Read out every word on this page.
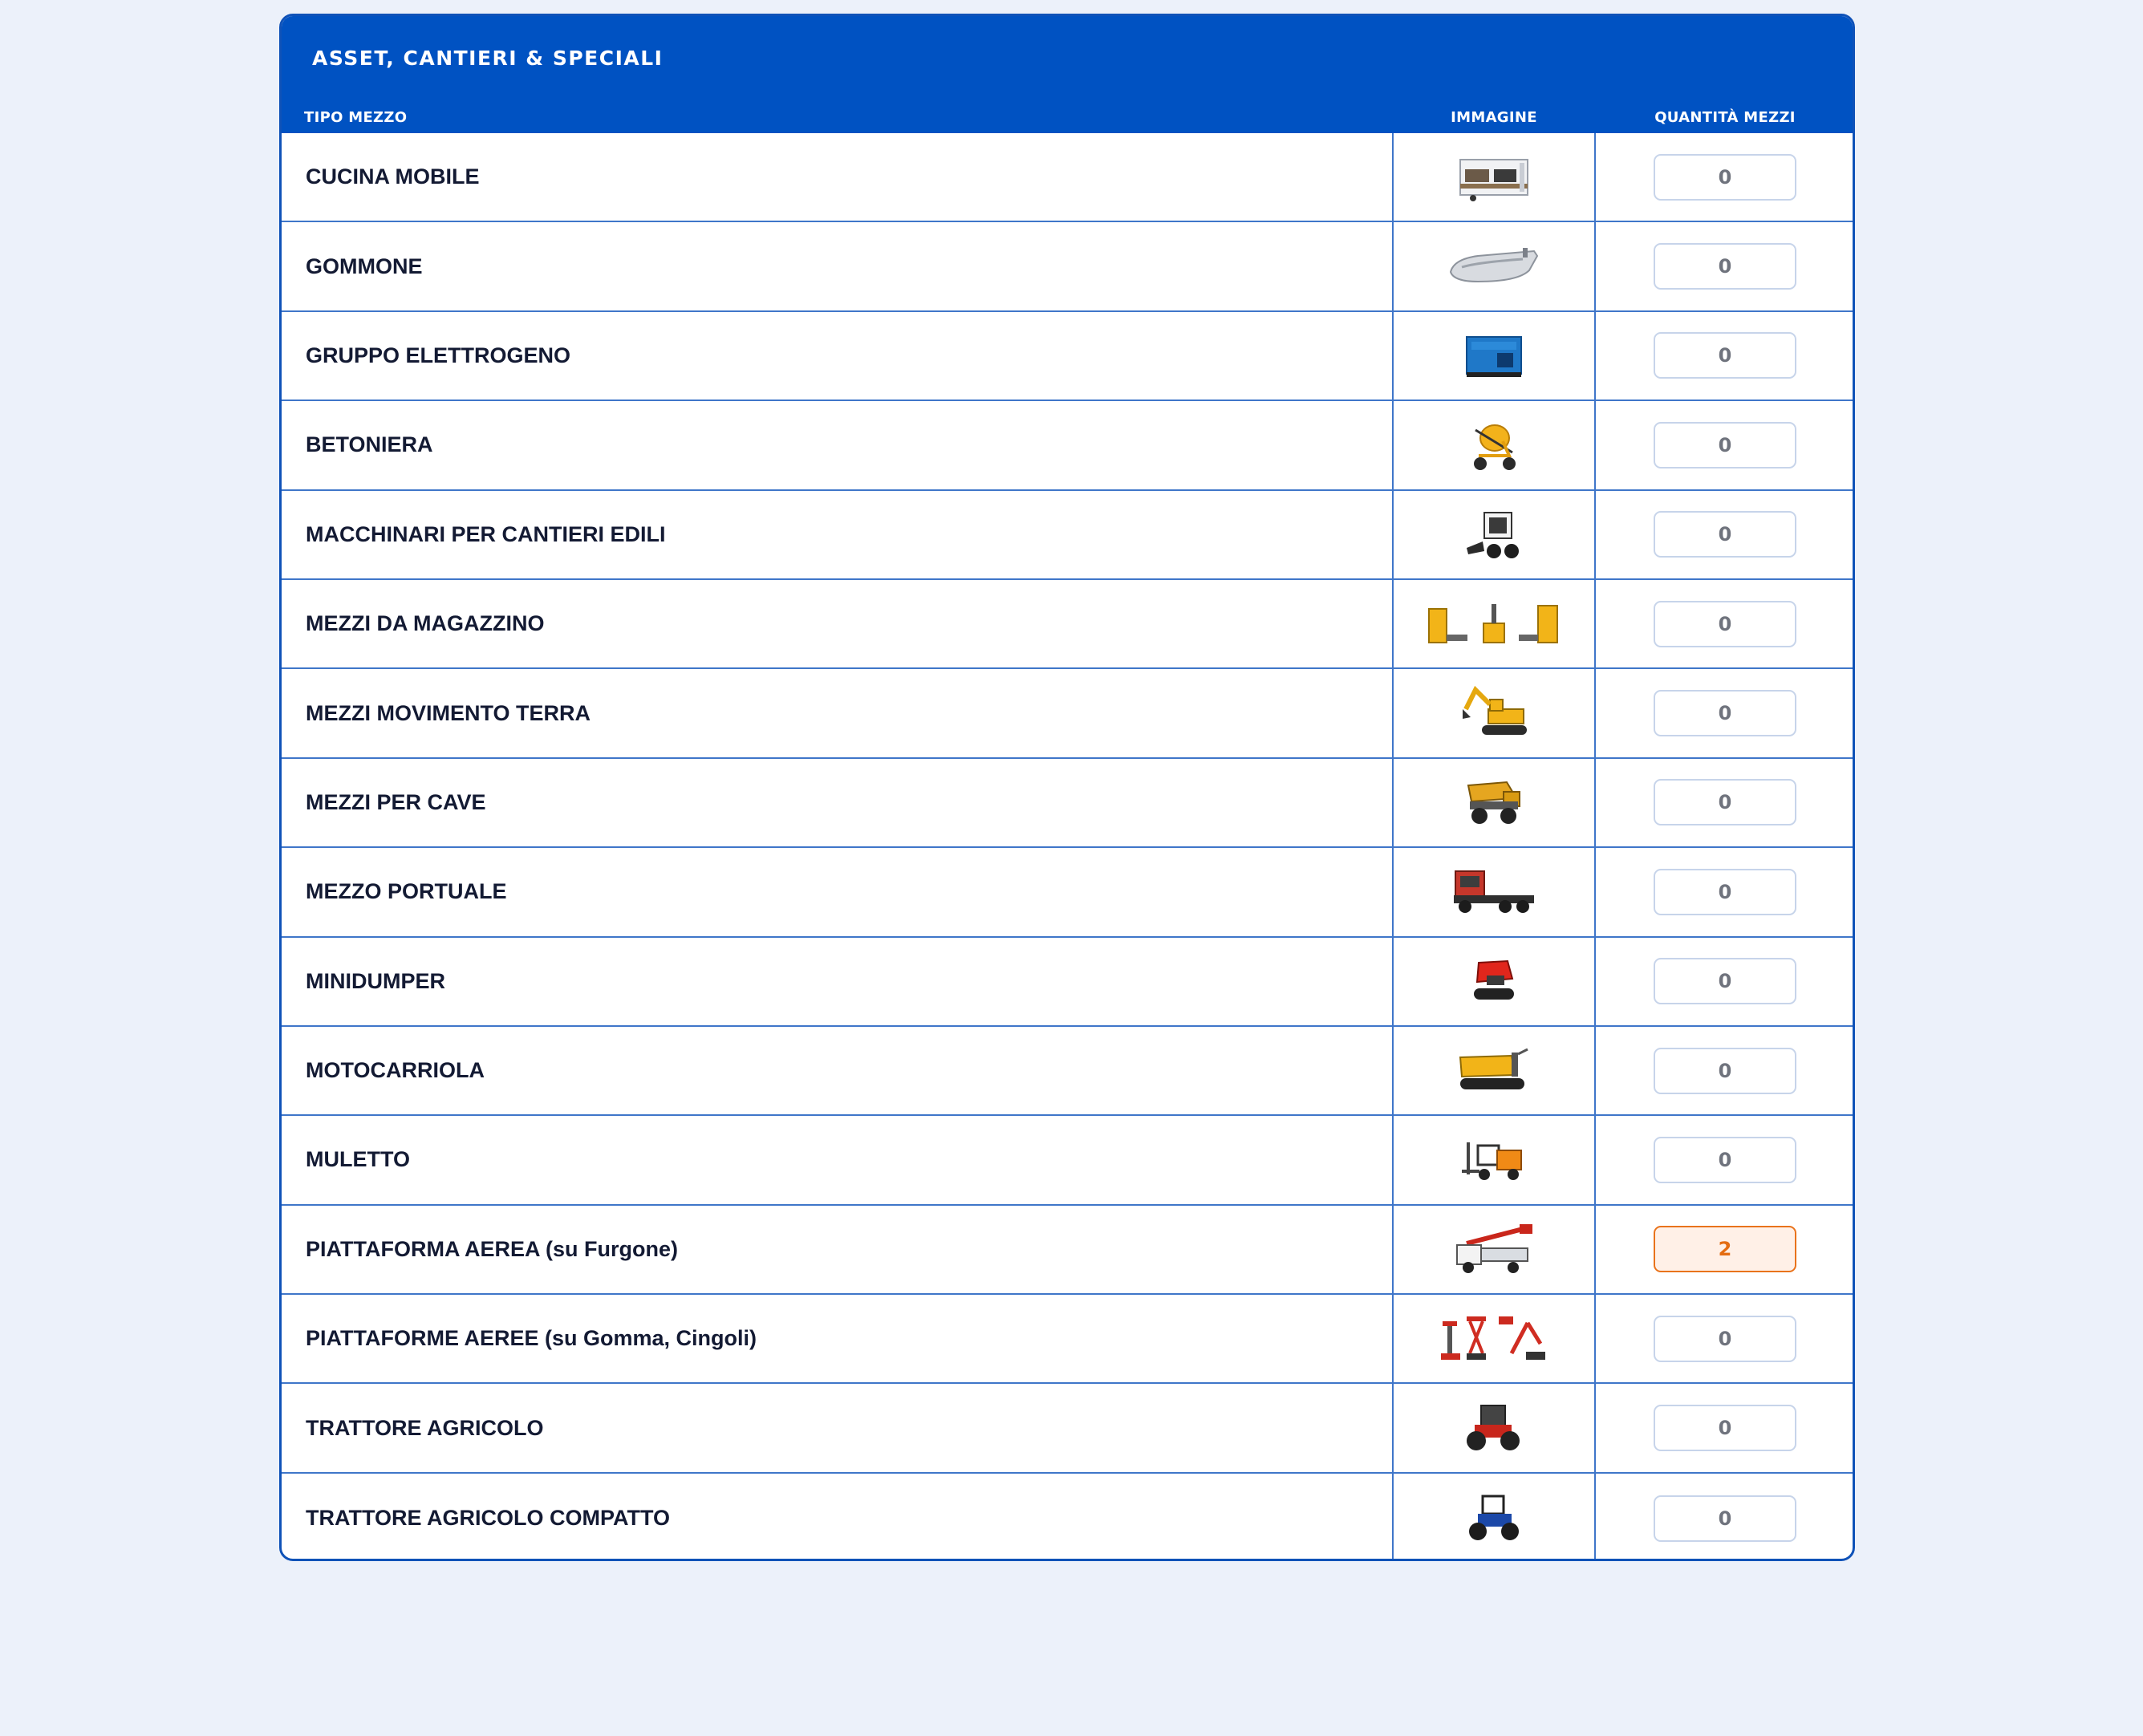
ASSET, CANTIERI & SPECIALI
TIPO MEZZO	IMMAGINE	QUANTITÀ MEZZI
CUCINA MOBILE
0
GOMMONE
0
GRUPPO ELETTROGENO
0
BETONIERA
0
MACCHINARI PER CANTIERI EDILI
0
MEZZI DA MAGAZZINO
0
MEZZI MOVIMENTO TERRA
0
MEZZI PER CAVE
0
MEZZO PORTUALE
0
MINIDUMPER
0
MOTOCARRIOLA
0
MULETTO
0
PIATTAFORMA AEREA (su Furgone)
2
PIATTAFORME AEREE (su Gomma, Cingoli)
0
TRATTORE AGRICOLO
0
TRATTORE AGRICOLO COMPATTO
0
